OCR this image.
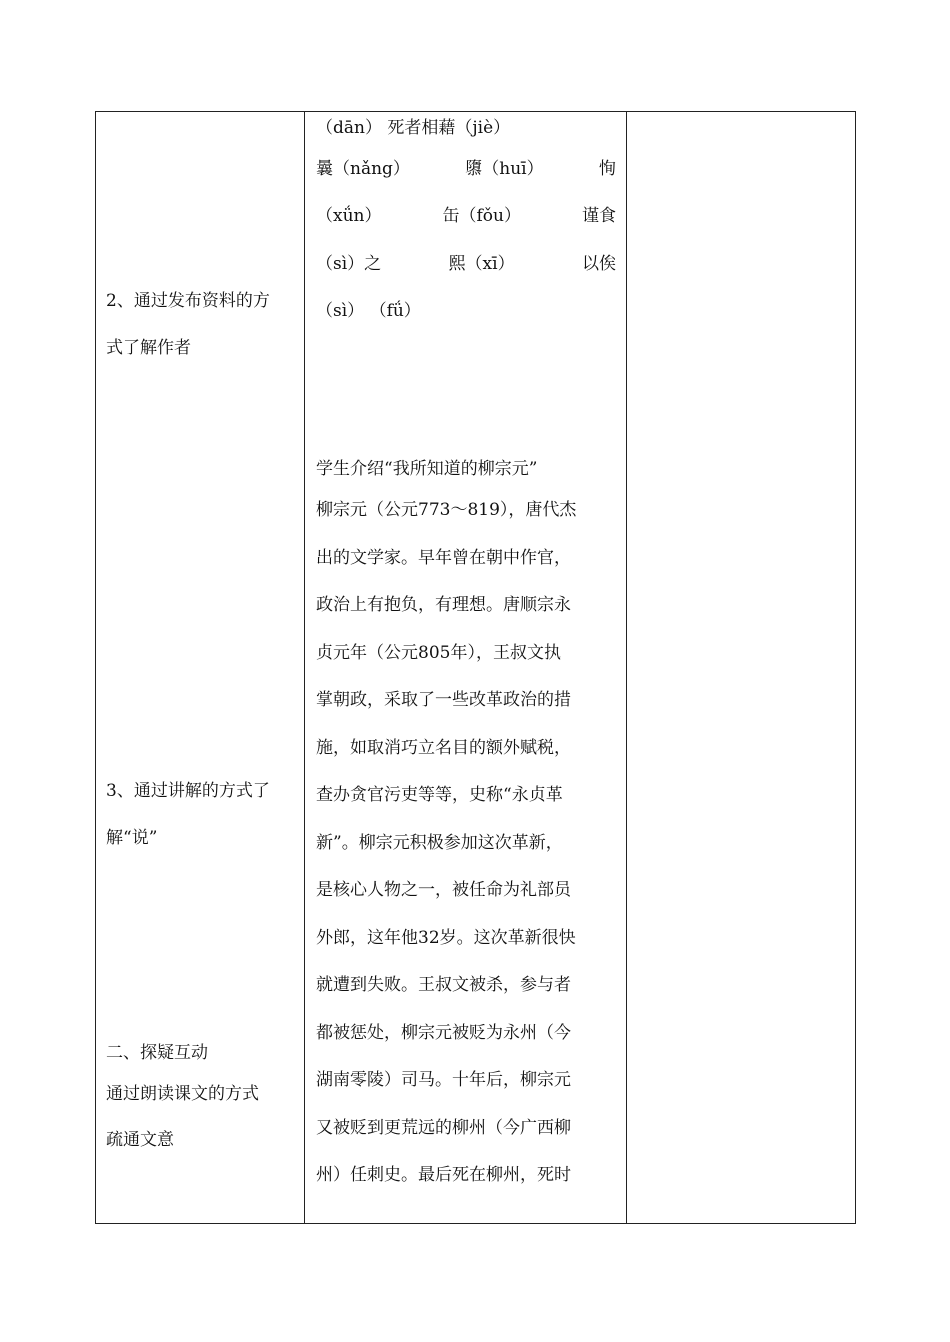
2、通过发布资料的方
式了解作者
3、通过讲解的方式了
解“说”
二、探疑互动
通过朗读课文的方式
疏通文意
（dān） 死者相藉（jiè）
曩（nǎng）	隳（huī）	恂
（xǘn）	缶（fǒu）	谨食
（sì）之	熙（xī）	以俟
（sì） （fǘ）
学生介绍“我所知道的柳宗元”
柳宗元（公元773～819），唐代杰
出的文学家。早年曾在朝中作官，
政治上有抱负，有理想。唐顺宗永
贞元年（公元805年），王叔文执
掌朝政，采取了一些改革政治的措
施，如取消巧立名目的额外赋税，
查办贪官污吏等等，史称“永贞革
新”。柳宗元积极参加这次革新，
是核心人物之一，被任命为礼部员
外郎，这年他32岁。这次革新很快
就遭到失败。王叔文被杀，参与者
都被惩处，柳宗元被贬为永州（今
湖南零陵）司马。十年后，柳宗元
又被贬到更荒远的柳州（今广西柳
州）任刺史。最后死在柳州，死时
